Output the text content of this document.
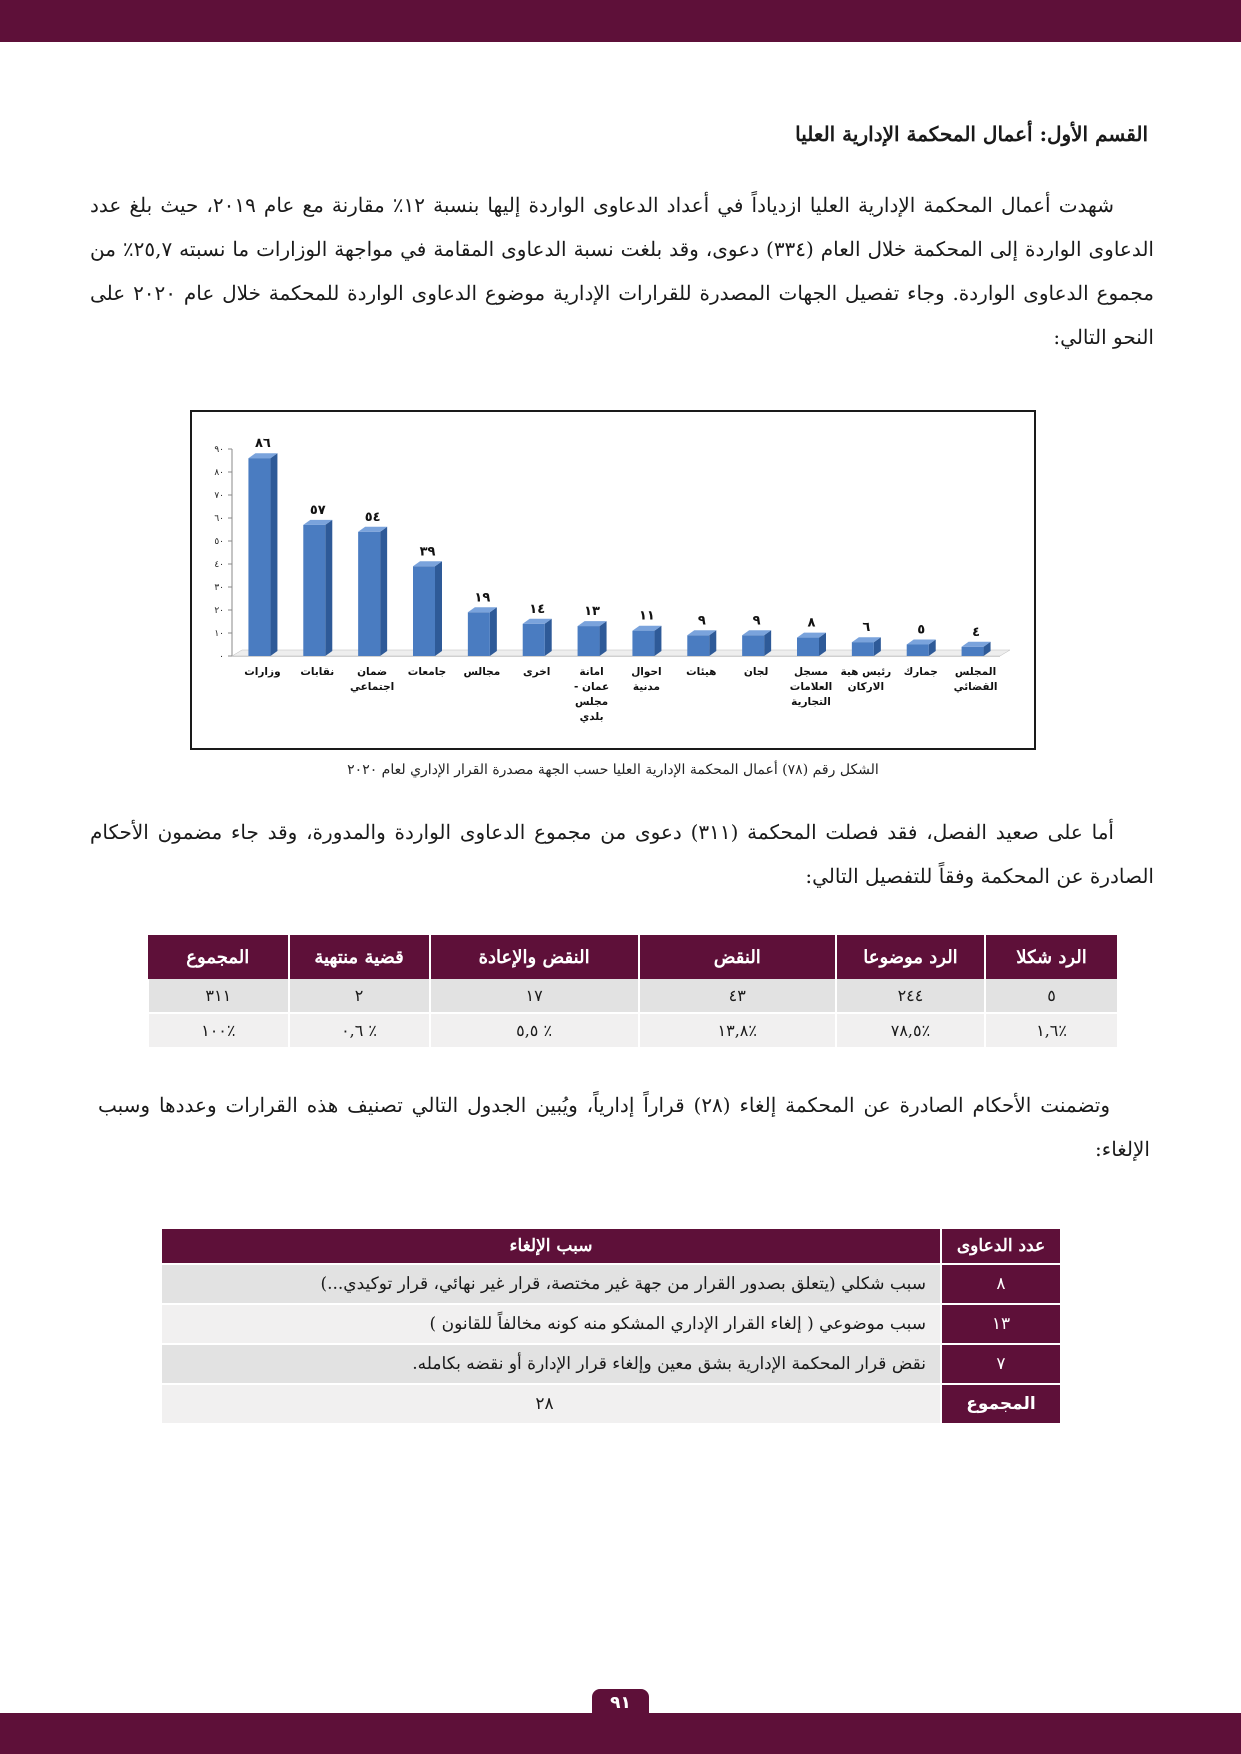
القسم الأول: أعمال المحكمة الإدارية العليا
شهدت أعمال المحكمة الإدارية العليا ازدياداً في أعداد الدعاوى الواردة إليها بنسبة ١٢٪ مقارنة مع عام ٢٠١٩، حيث بلغ عدد الدعاوى الواردة إلى المحكمة خلال العام (٣٣٤) دعوى، وقد بلغت نسبة الدعاوى المقامة في مواجهة الوزارات ما نسبته ٢٥,٧٪ من مجموع الدعاوى الواردة. وجاء تفصيل الجهات المصدرة للقرارات الإدارية موضوع الدعاوى الواردة للمحكمة خلال عام ٢٠٢٠ على النحو التالي:
٠
١٠
٢٠
٣٠
٤٠
٥٠
٦٠
٧٠
٨٠
٩٠ ٨٦
وزارات
٥٧
نقابات
٥٤
ضمان اجتماعي
٣٩
جامعات
١٩
مجالس
١٤
اخرى
١٣
امانة عمان -مجلس بلدي
١١
احوال مدنية
٩
هيئات
٩
لجان
٨
مسجل العلامات التجارية
٦
رئيس هية الاركان
٥
جمارك
٤
المجلس القضائي
الشكل رقم (٧٨) أعمال المحكمة الإدارية العليا حسب الجهة مصدرة القرار الإداري لعام ٢٠٢٠
أما على صعيد الفصل، فقد فصلت المحكمة (٣١١) دعوى من مجموع الدعاوى الواردة والمدورة، وقد جاء مضمون الأحكام الصادرة عن المحكمة وفقاً للتفصيل التالي:
الرد شكلا	الرد موضوعا	النقض	النقض والإعادة	قضية منتهية	المجموع
٥	٢٤٤	٤٣	١٧	٢	٣١١
٪١,٦	٪٧٨,٥	٪١٣,٨	٪ ٥,٥	٪ ٠,٦	٪١٠٠
وتضمنت الأحكام الصادرة عن المحكمة إلغاء (٢٨) قراراً إدارياً، ويُبين الجدول التالي تصنيف هذه القرارات وعددها وسبب الإلغاء:
عدد الدعاوى	سبب الإلغاء
٨	سبب شكلي (يتعلق بصدور القرار من جهة غير مختصة، قرار غير نهائي، قرار توكيدي...)
١٣	سبب موضوعي ( إلغاء القرار الإداري المشكو منه كونه مخالفاً للقانون )
٧	نقض قرار المحكمة الإدارية بشق معين وإلغاء قرار الإدارة أو نقضه بكامله.
المجموع	٢٨
٩١
